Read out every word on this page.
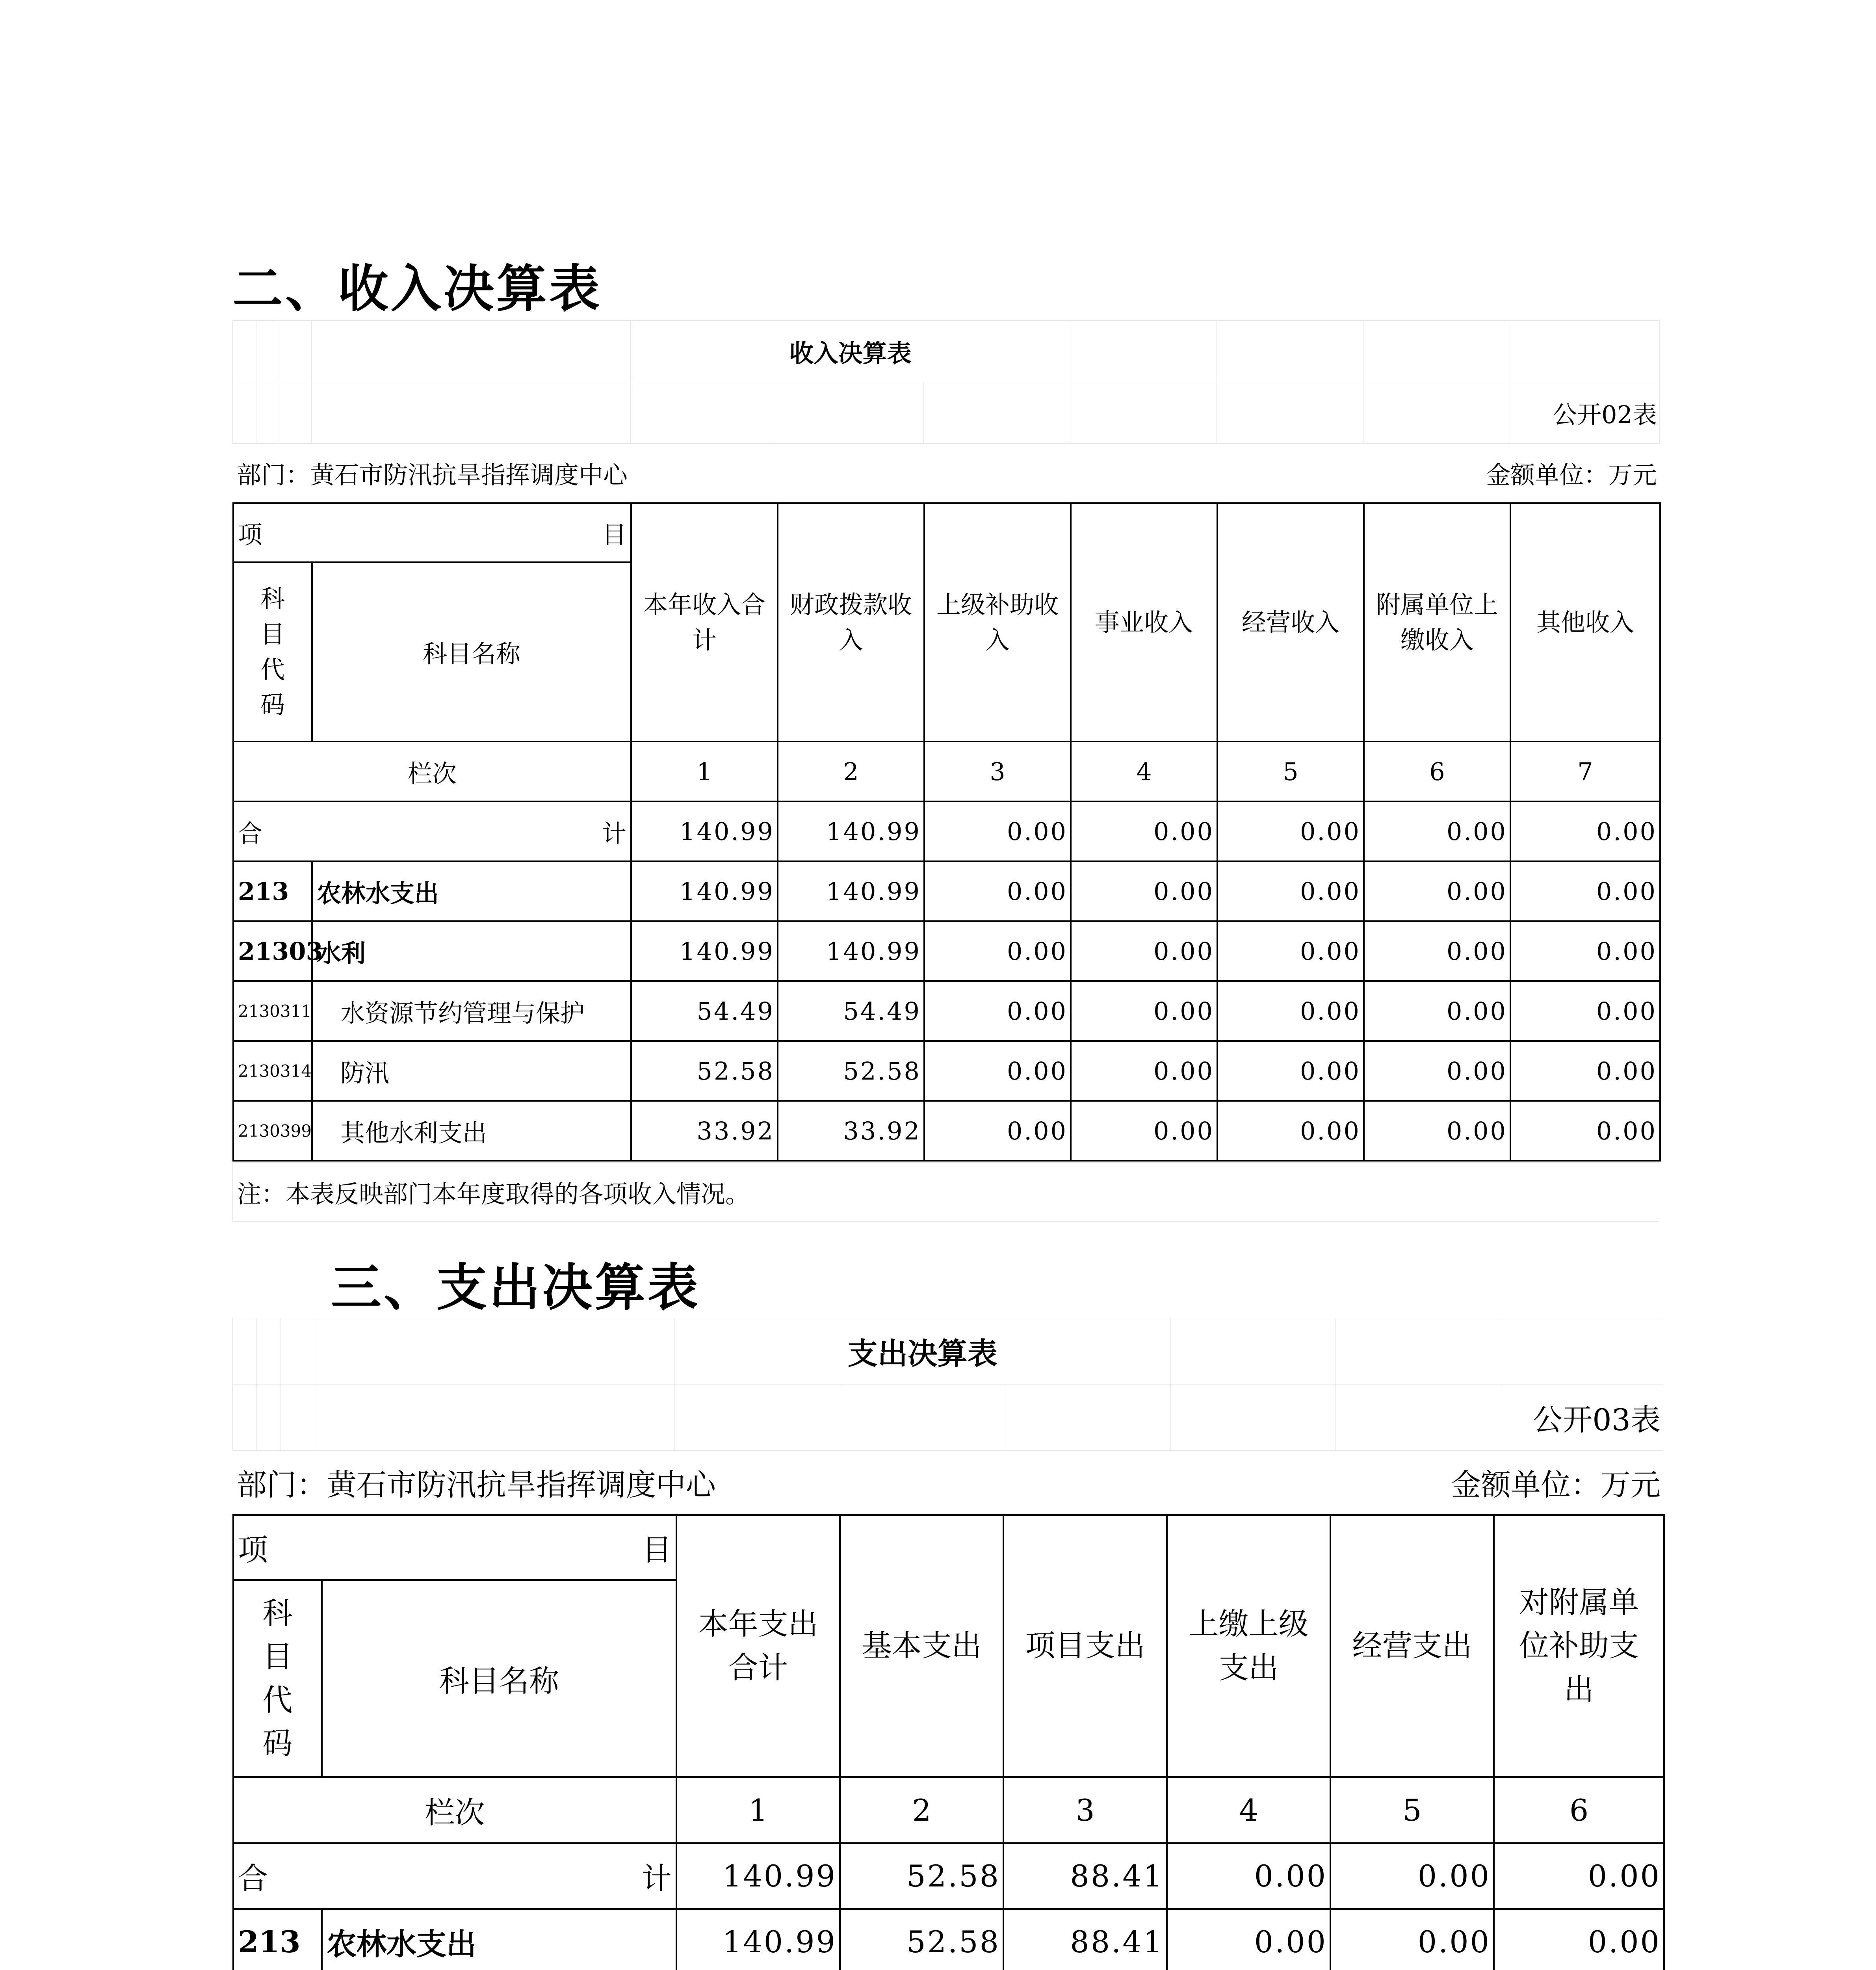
二、收入决算表
				收入决算表						
										公开02表
部门：黄石市防汛抗旱指挥调度中心									金额单位：万元	
项 目		本年收入合计	财政拨款收入	上级补助收入	事业收入	经营收入	附属单位上缴收入	其他收入
科目代码	科目名称							
栏次		1	2	3	4	5	6	7

合 计		140.99	140.99	0.00	0.00	0.00	0.00	0.00
213	农林水支出	140.99	140.99	0.00	0.00	0.00	0.00	0.00
21303	水利	140.99	140.99	0.00	0.00	0.00	0.00	0.00
2130311	水资源节约管理与保护	54.49	54.49	0.00	0.00	0.00	0.00	0.00
2130314	防汛	52.58	52.58	0.00	0.00	0.00	0.00	0.00
2130399	其他水利支出	33.92	33.92	0.00	0.00	0.00	0.00	0.00
注：本表反映部门本年度取得的各项收入情况。
三、支出决算表
				支出决算表					
									公开03表
部门：黄石市防汛抗旱指挥调度中心								金额单位：万元	
项 目		本年支出合计	基本支出	项目支出	上缴上级支出	经营支出	对附属单位补助支出
科目代码	科目名称						
栏次		1	2	3	4	5	6

合 计		140.99	52.58	88.41	0.00	0.00	0.00
213	农林水支出	140.99	52.58	88.41	0.00	0.00	0.00
